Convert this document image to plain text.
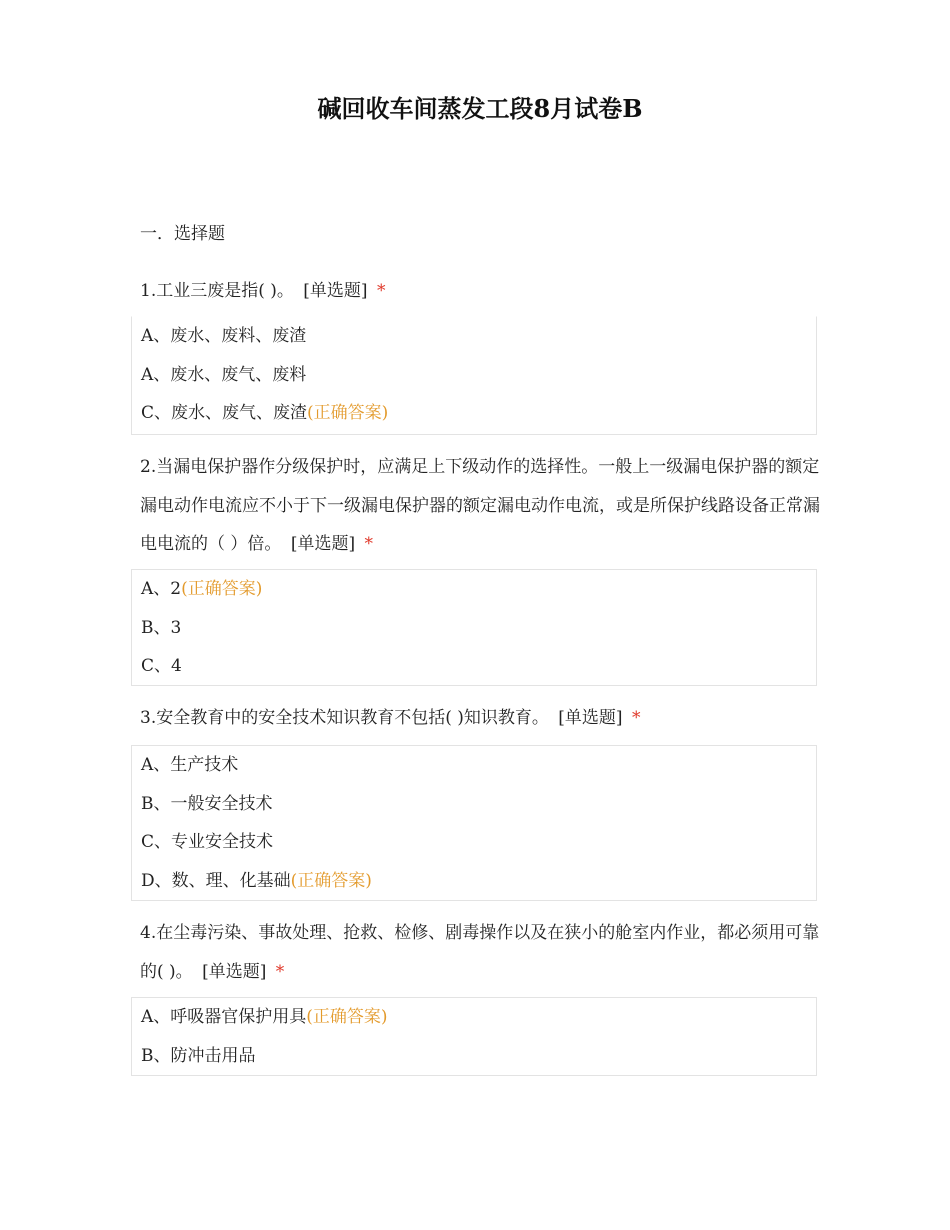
碱回收车间蒸发工段8月试卷B
一．选择题
1.工业三废是指( )。 [单选题] *
A、废水、废料、废渣
A、废水、废气、废料
C、废水、废气、废渣(正确答案)
2.当漏电保护器作分级保护时，应满足上下级动作的选择性。一般上一级漏电保护器的额定漏电动作电流应不小于下一级漏电保护器的额定漏电动作电流，或是所保护线路设备正常漏电电流的（ ）倍。 [单选题] *
A、2(正确答案)
B、3
C、4
3.安全教育中的安全技术知识教育不包括( )知识教育。 [单选题] *
A、生产技术
B、一般安全技术
C、专业安全技术
D、数、理、化基础(正确答案)
4.在尘毒污染、事故处理、抢救、检修、剧毒操作以及在狭小的舱室内作业，都必须用可靠的( )。 [单选题] *
A、呼吸器官保护用具(正确答案)
B、防冲击用品
